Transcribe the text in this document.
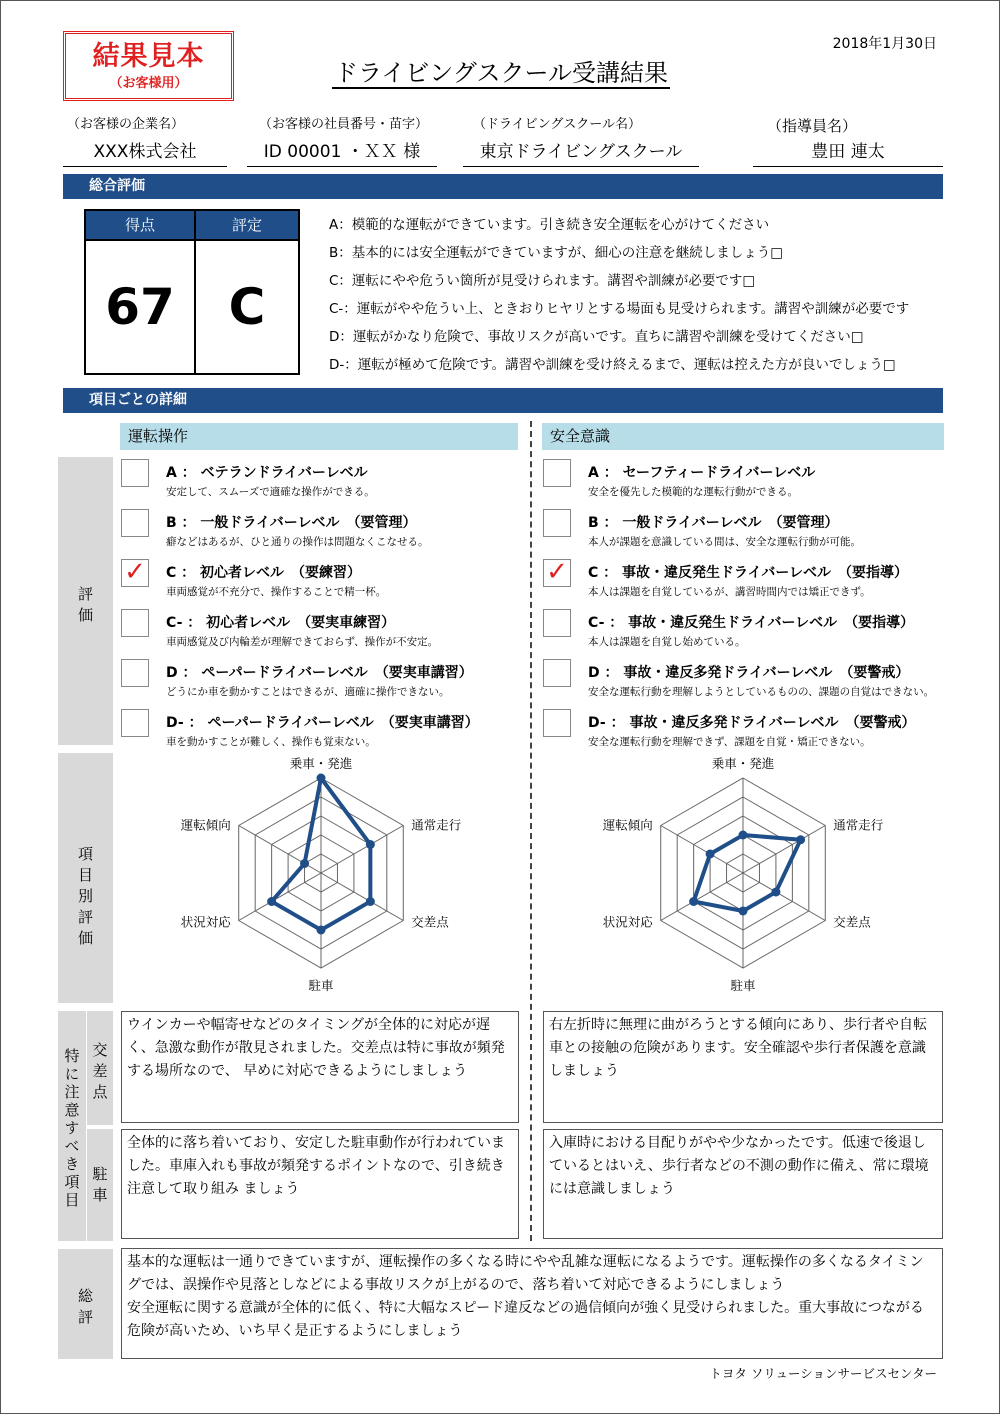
結果見本
（お客様用）
2018年1月30日
ドライビングスクール受講結果
（お客様の企業名）
XXX株式会社
（お客様の社員番号・苗字）
ID 00001 ・ＸＸ 様
（ドライビングスクール名）
東京ドライビングスクール
（指導員名）
豊田 連太
総合評価
得点	評定
67	C
A：模範的な運転ができています。引き続き安全運転を心がけてください
B：基本的には安全運転ができていますが、細心の注意を継続しましょう□
C：運転にやや危うい箇所が見受けられます。講習や訓練が必要です□
C-：運転がやや危うい上、ときおりヒヤリとする場面も見受けられます。講習や訓練が必要です
D：運転がかなり危険で、事故リスクが高いです。直ちに講習や訓練を受けてください□
D-：運転が極めて危険です。講習や訓練を受け終えるまで、運転は控えた方が良いでしょう□
項目ごとの詳細
運転操作	安全意識
評価
項目別評価
特に注意すべき項目 交差点
駐車
総評
A ： ベテランドライバーレベル
安定して、スムーズで適確な操作ができる。
B ： 一般ドライバーレベル　（要管理）
癖などはあるが、ひと通りの操作は問題なくこなせる。
✓ C ： 初心者レベル　（要練習）
車両感覚が不充分で、操作することで精一杯。
C- ： 初心者レベル　（要実車練習）
車両感覚及び内輪差が理解できておらず、操作が不安定。
D ： ペーパードライバーレベル　（要実車講習）
どうにか車を動かすことはできるが、適確に操作できない。
D- ： ペーパードライバーレベル　（要実車講習）
車を動かすことが難しく、操作も覚束ない。
A ： セーフティードライバーレベル
安全を優先した模範的な運転行動ができる。
B ： 一般ドライバーレベル　（要管理）
本人が課題を意識している間は、安全な運転行動が可能。
✓ C ： 事故・違反発生ドライバーレベル　（要指導）
本人は課題を自覚しているが、講習時間内では矯正できず。
C- ： 事故・違反発生ドライバーレベル　（要指導）
本人は課題を自覚し始めている。
D ： 事故・違反多発ドライバーレベル　（要警戒）
安全な運転行動を理解しようとしているものの、課題の自覚はできない。
D- ： 事故・違反多発ドライバーレベル　（要警戒）
安全な運転行動を理解できず、課題を自覚・矯正できない。
乗車・発進
通常走行
交差点
駐車
状況対応
運転傾向
乗車・発進
通常走行
交差点
駐車
状況対応
運転傾向
ウインカーや幅寄せなどのタイミングが全体的に対応が遅く、急激な動作が散見されました。交差点は特に事故が頻発する場所なので、 早めに対応できるようにしましょう
右左折時に無理に曲がろうとする傾向にあり、歩行者や自転車との接触の危険があります。安全確認や歩行者保護を意識しましょう
全体的に落ち着いており、安定した駐車動作が行われていました。車庫入れも事故が頻発するポイントなので、引き続き注意して取り組み ましょう
入庫時における目配りがやや少なかったです。低速で後退しているとはいえ、歩行者などの不測の動作に備え、常に環境には意識しましょう
基本的な運転は一通りできていますが、運転操作の多くなる時にやや乱雑な運転になるようです。運転操作の多くなるタイミングでは、誤操作や見落としなどによる事故リスクが上がるので、落ち着いて対応できるようにしましょう
安全運転に関する意識が全体的に低く、特に大幅なスピード違反などの過信傾向が強く見受けられました。重大事故につながる危険が高いため、いち早く是正するようにしましょう
トヨタ ソリューションサービスセンター
